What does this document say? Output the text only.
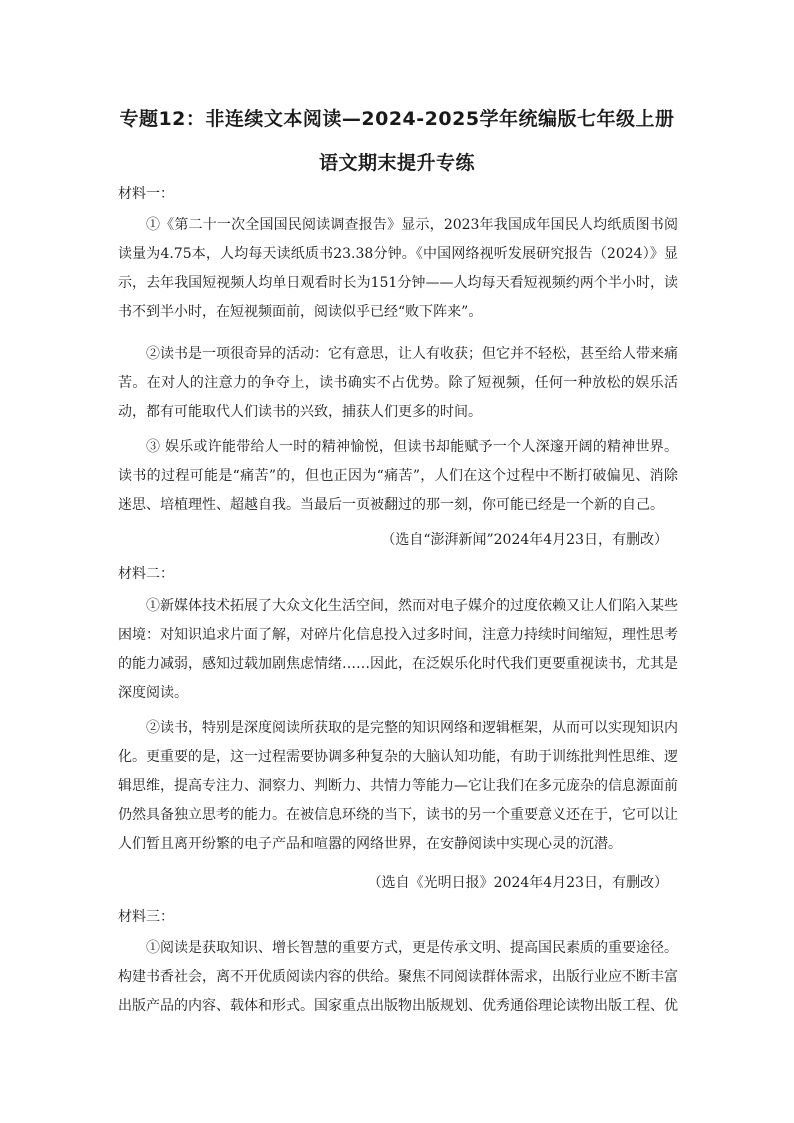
专题12：非连续文本阅读—2024-2025学年统编版七年级上册
语文期末提升专练
材料一：
①《第二十一次全国国民阅读调查报告》显示，2023年我国成年国民人均纸质图书阅读量为4.75本，人均每天读纸质书23.38分钟。《中国网络视听发展研究报告（2024）》显示，去年我国短视频人均单日观看时长为151分钟——人均每天看短视频约两个半小时，读书不到半小时，在短视频面前，阅读似乎已经“败下阵来”。
②读书是一项很奇异的活动：它有意思，让人有收获；但它并不轻松，甚至给人带来痛苦。在对人的注意力的争夺上，读书确实不占优势。除了短视频，任何一种放松的娱乐活动，都有可能取代人们读书的兴致，捕获人们更多的时间。
③ 娱乐或许能带给人一时的精神愉悦，但读书却能赋予一个人深邃开阔的精神世界。读书的过程可能是“痛苦”的，但也正因为“痛苦”，人们在这个过程中不断打破偏见、消除迷思、培植理性、超越自我。当最后一页被翻过的那一刻，你可能已经是一个新的自己。
（选自“澎湃新闻”2024年4月23日，有删改）
材料二：
①新媒体技术拓展了大众文化生活空间，然而对电子媒介的过度依赖又让人们陷入某些困境：对知识追求片面了解，对碎片化信息投入过多时间，注意力持续时间缩短，理性思考的能力减弱，感知过载加剧焦虑情绪……因此，在泛娱乐化时代我们更要重视读书，尤其是深度阅读。
②读书，特别是深度阅读所获取的是完整的知识网络和逻辑框架，从而可以实现知识内化。更重要的是，这一过程需要协调多种复杂的大脑认知功能，有助于训练批判性思维、逻辑思维，提高专注力、洞察力、判断力、共情力等能力—它让我们在多元庞杂的信息源面前仍然具备独立思考的能力。在被信息环绕的当下，读书的另一个重要意义还在于，它可以让人们暂且离开纷繁的电子产品和喧嚣的网络世界，在安静阅读中实现心灵的沉潜。
（选自《光明日报》2024年4月23日，有删改）
材料三：
①阅读是获取知识、增长智慧的重要方式，更是传承文明、提高国民素质的重要途径。构建书香社会，离不开优质阅读内容的供给。聚焦不同阅读群体需求，出版行业应不断丰富出版产品的内容、载体和形式。国家重点出版物出版规划、优秀通俗理论读物出版工程、优
